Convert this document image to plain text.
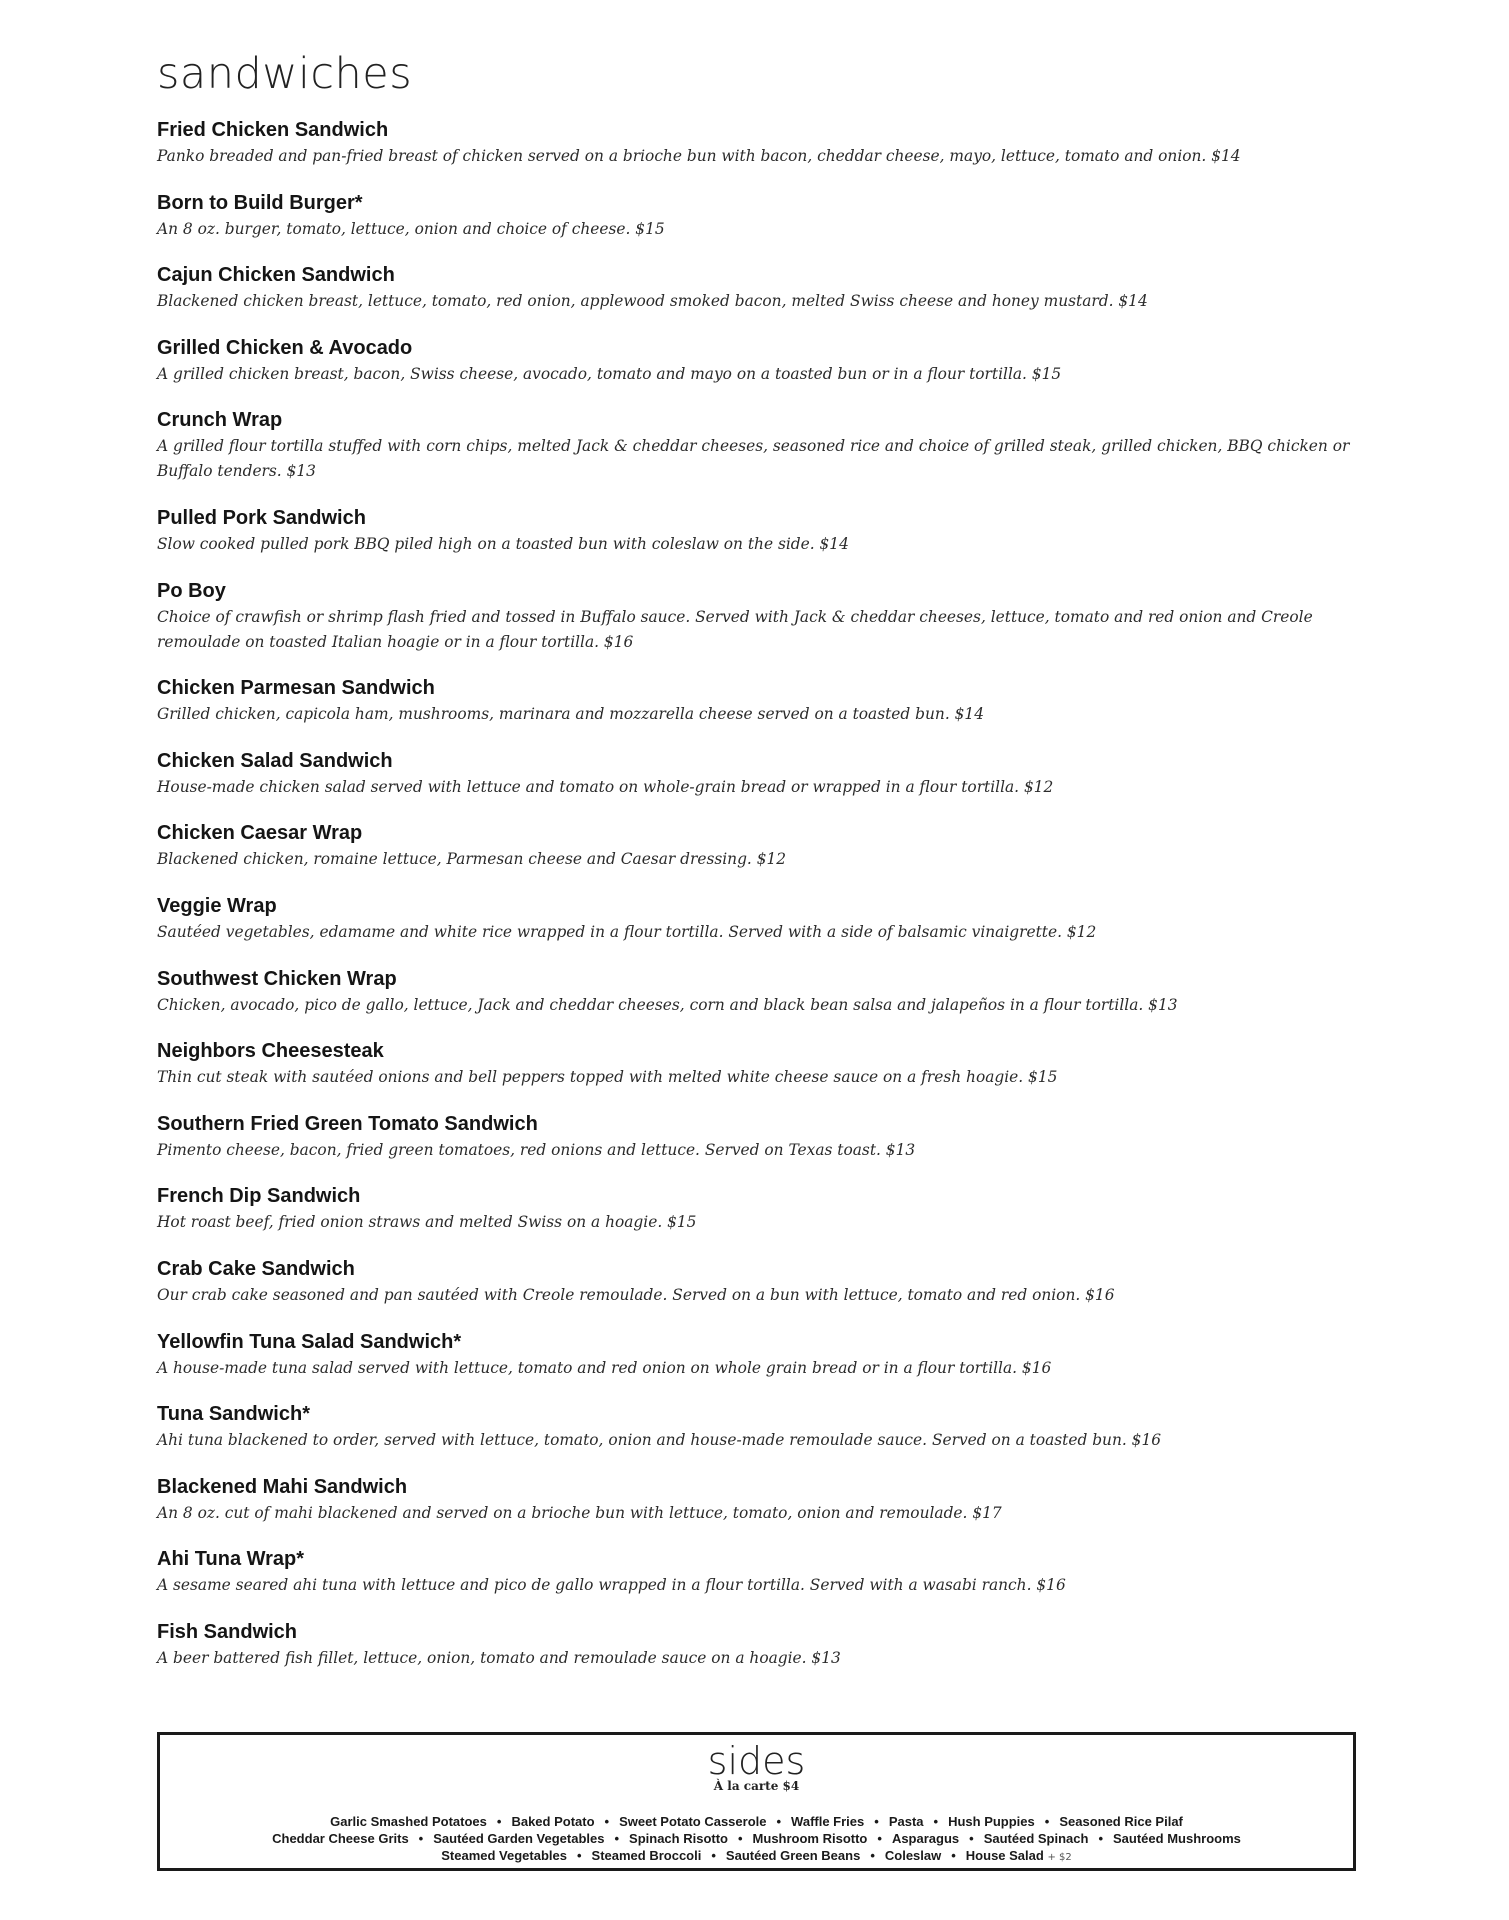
sandwiches
Fried Chicken Sandwich
Panko breaded and pan-fried breast of chicken served on a brioche bun with bacon, cheddar cheese, mayo, lettuce, tomato and onion. $14
Born to Build Burger*
An 8 oz. burger, tomato, lettuce, onion and choice of cheese. $15
Cajun Chicken Sandwich
Blackened chicken breast, lettuce, tomato, red onion, applewood smoked bacon, melted Swiss cheese and honey mustard. $14
Grilled Chicken & Avocado
A grilled chicken breast, bacon, Swiss cheese, avocado, tomato and mayo on a toasted bun or in a flour tortilla. $15
Crunch Wrap
A grilled flour tortilla stuffed with corn chips, melted Jack & cheddar cheeses, seasoned rice and choice of grilled steak, grilled chicken, BBQ chicken or Buffalo tenders. $13
Pulled Pork Sandwich
Slow cooked pulled pork BBQ piled high on a toasted bun with coleslaw on the side. $14
Po Boy
Choice of crawfish or shrimp flash fried and tossed in Buffalo sauce. Served with Jack & cheddar cheeses, lettuce, tomato and red onion and Creole remoulade on toasted Italian hoagie or in a flour tortilla. $16
Chicken Parmesan Sandwich
Grilled chicken, capicola ham, mushrooms, marinara and mozzarella cheese served on a toasted bun. $14
Chicken Salad Sandwich
House-made chicken salad served with lettuce and tomato on whole-grain bread or wrapped in a flour tortilla. $12
Chicken Caesar Wrap
Blackened chicken, romaine lettuce, Parmesan cheese and Caesar dressing. $12
Veggie Wrap
Sautéed vegetables, edamame and white rice wrapped in a flour tortilla. Served with a side of balsamic vinaigrette. $12
Southwest Chicken Wrap
Chicken, avocado, pico de gallo, lettuce, Jack and cheddar cheeses, corn and black bean salsa and jalapeños in a flour tortilla. $13
Neighbors Cheesesteak
Thin cut steak with sautéed onions and bell peppers topped with melted white cheese sauce on a fresh hoagie. $15
Southern Fried Green Tomato Sandwich
Pimento cheese, bacon, fried green tomatoes, red onions and lettuce. Served on Texas toast. $13
French Dip Sandwich
Hot roast beef, fried onion straws and melted Swiss on a hoagie. $15
Crab Cake Sandwich
Our crab cake seasoned and pan sautéed with Creole remoulade. Served on a bun with lettuce, tomato and red onion. $16
Yellowfin Tuna Salad Sandwich*
A house-made tuna salad served with lettuce, tomato and red onion on whole grain bread or in a flour tortilla. $16
Tuna Sandwich*
Ahi tuna blackened to order, served with lettuce, tomato, onion and house-made remoulade sauce. Served on a toasted bun. $16
Blackened Mahi Sandwich
An 8 oz. cut of mahi blackened and served on a brioche bun with lettuce, tomato, onion and remoulade. $17
Ahi Tuna Wrap*
A sesame seared ahi tuna with lettuce and pico de gallo wrapped in a flour tortilla. Served with a wasabi ranch. $16
Fish Sandwich
A beer battered fish fillet, lettuce, onion, tomato and remoulade sauce on a hoagie. $13
sides
À la carte $4
Garlic Smashed Potatoes • Baked Potato • Sweet Potato Casserole • Waffle Fries • Pasta • Hush Puppies • Seasoned Rice Pilaf
Cheddar Cheese Grits • Sautéed Garden Vegetables • Spinach Risotto • Mushroom Risotto • Asparagus • Sautéed Spinach • Sautéed Mushrooms
Steamed Vegetables • Steamed Broccoli • Sautéed Green Beans • Coleslaw • House Salad + $2
